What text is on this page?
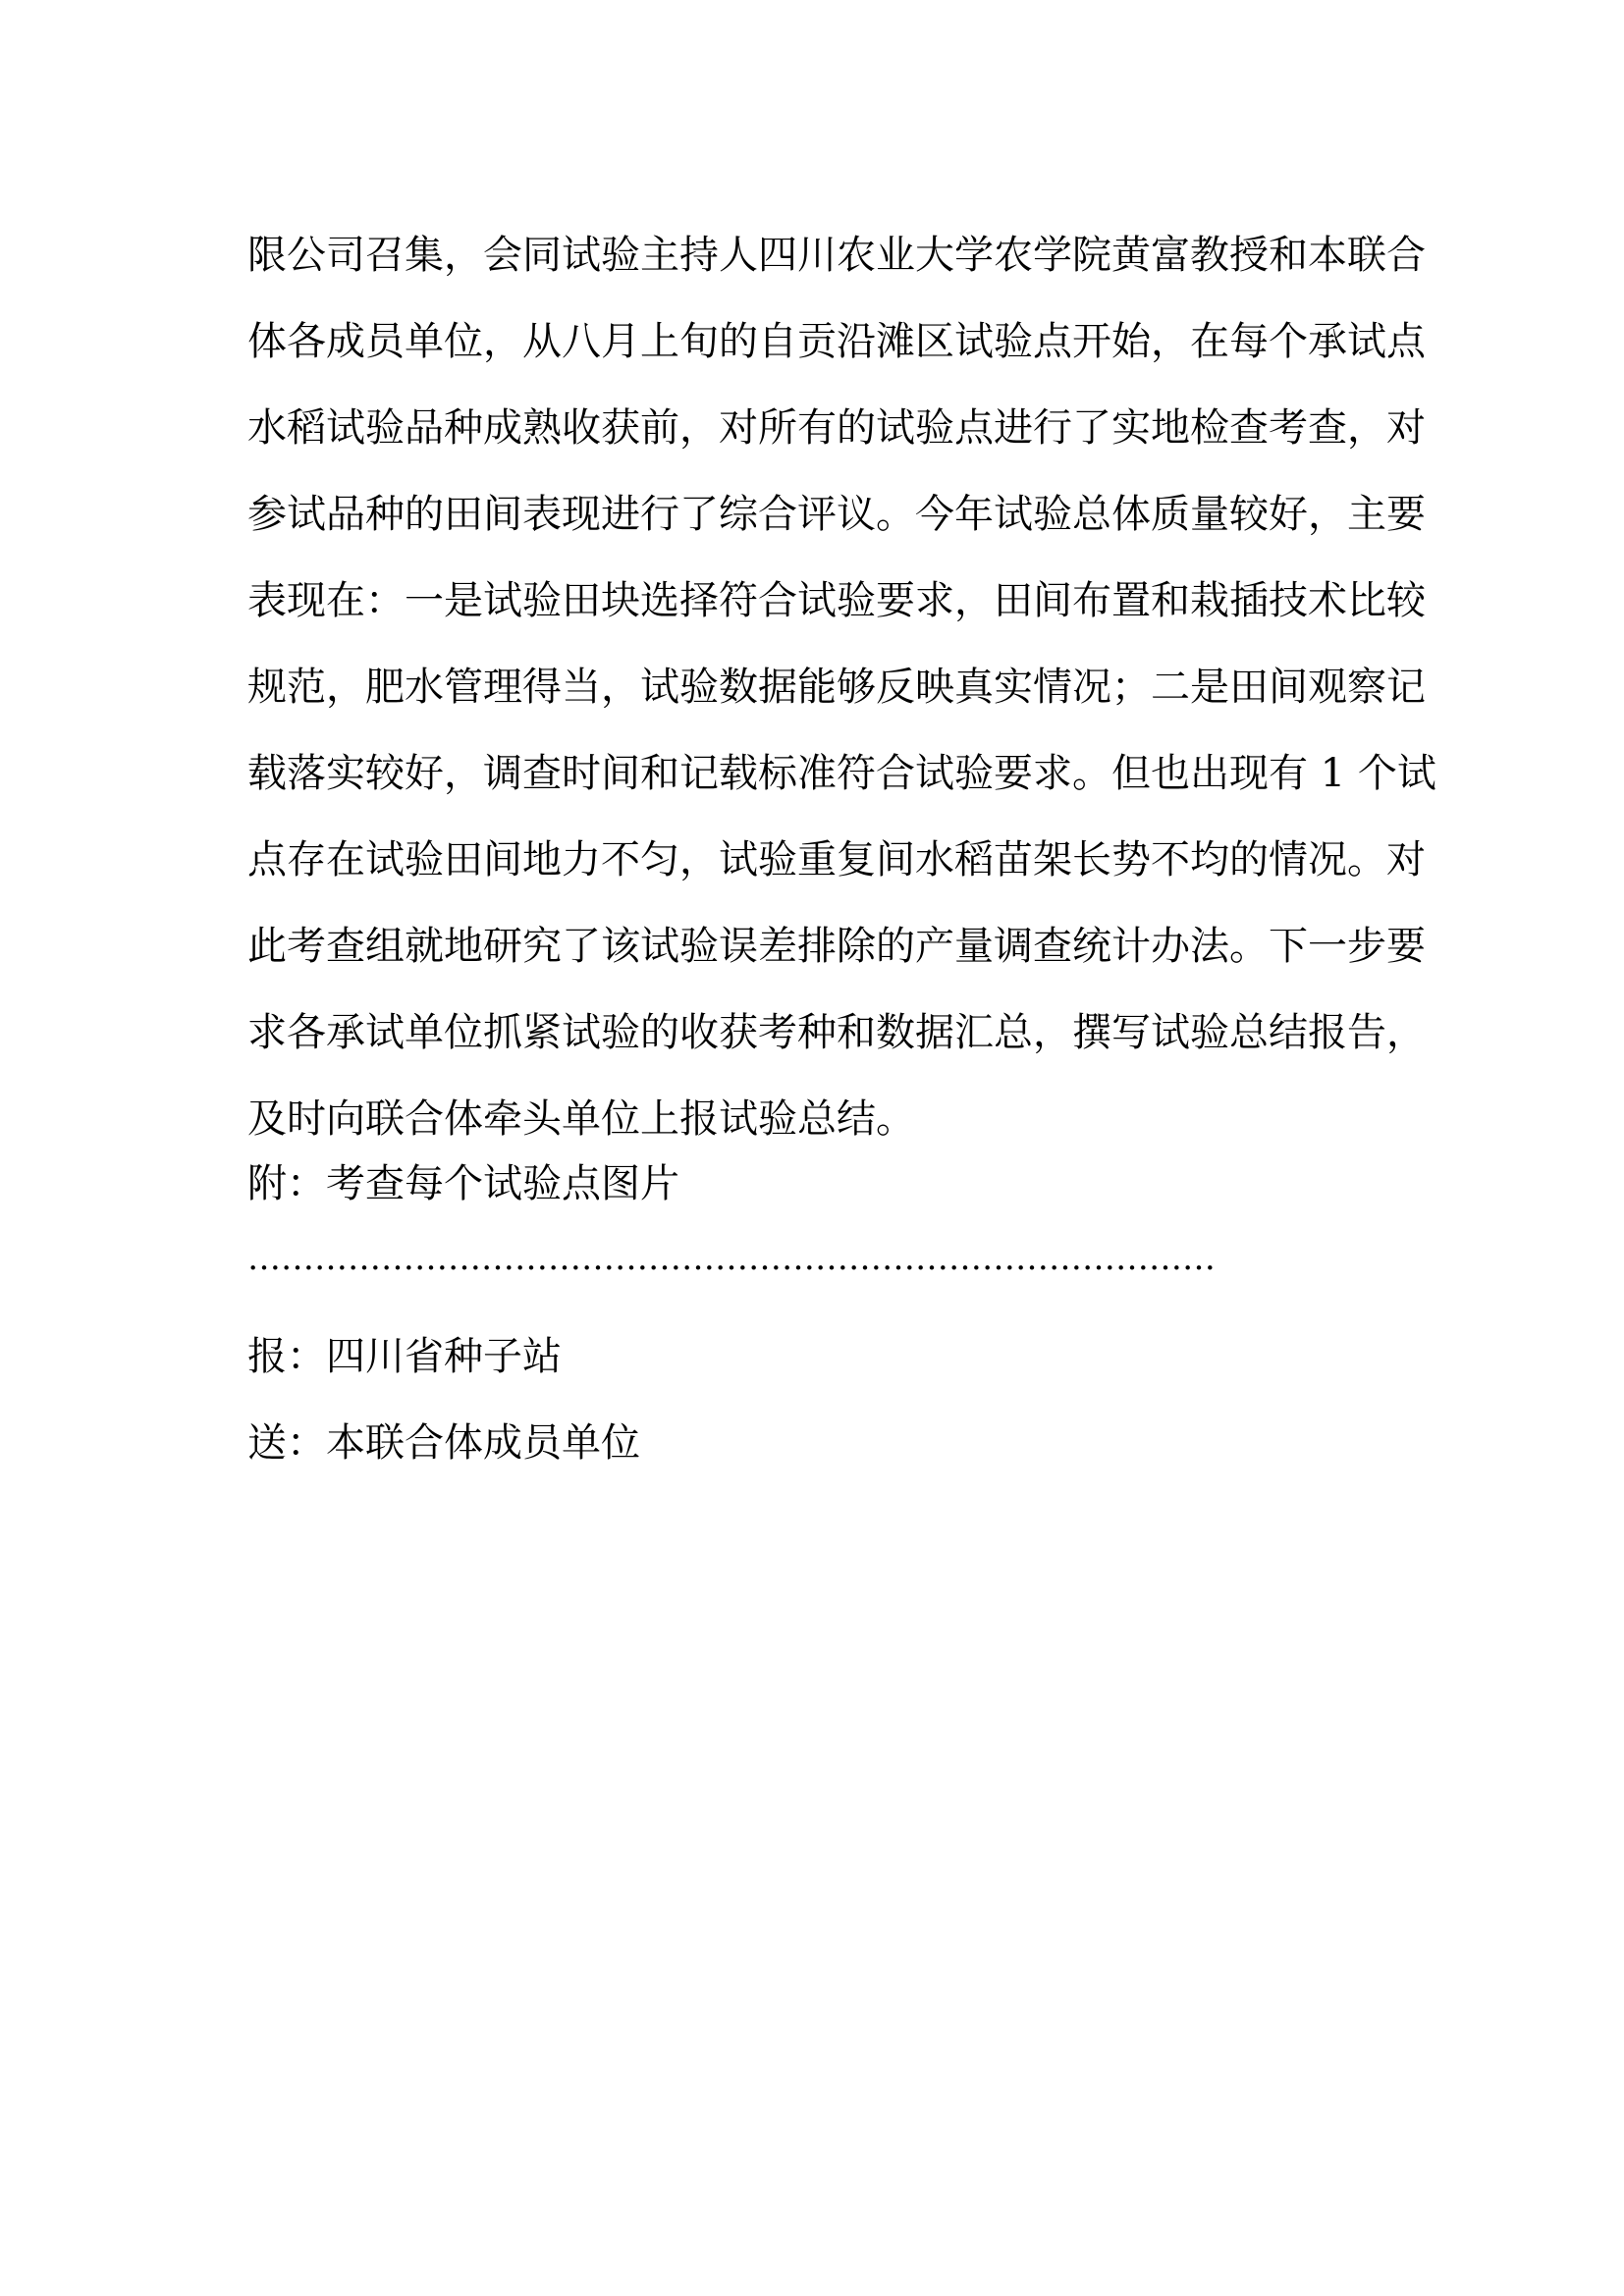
限公司召集，会同试验主持人四川农业大学农学院黄富教授和本联合
体各成员单位，从八月上旬的自贡沿滩区试验点开始，在每个承试点
水稻试验品种成熟收获前，对所有的试验点进行了实地检查考查，对
参试品种的田间表现进行了综合评议。今年试验总体质量较好，主要
表现在：一是试验田块选择符合试验要求，田间布置和栽插技术比较
规范，肥水管理得当，试验数据能够反映真实情况；二是田间观察记
载落实较好，调查时间和记载标准符合试验要求。但也出现有 1 个试
点存在试验田间地力不匀，试验重复间水稻苗架长势不均的情况。对
此考查组就地研究了该试验误差排除的产量调查统计办法。下一步要
求各承试单位抓紧试验的收获考种和数据汇总，撰写试验总结报告，
及时向联合体牵头单位上报试验总结。
附：考查每个试验点图片
……………………………………………………………………………
报：四川省种子站
送：本联合体成员单位
